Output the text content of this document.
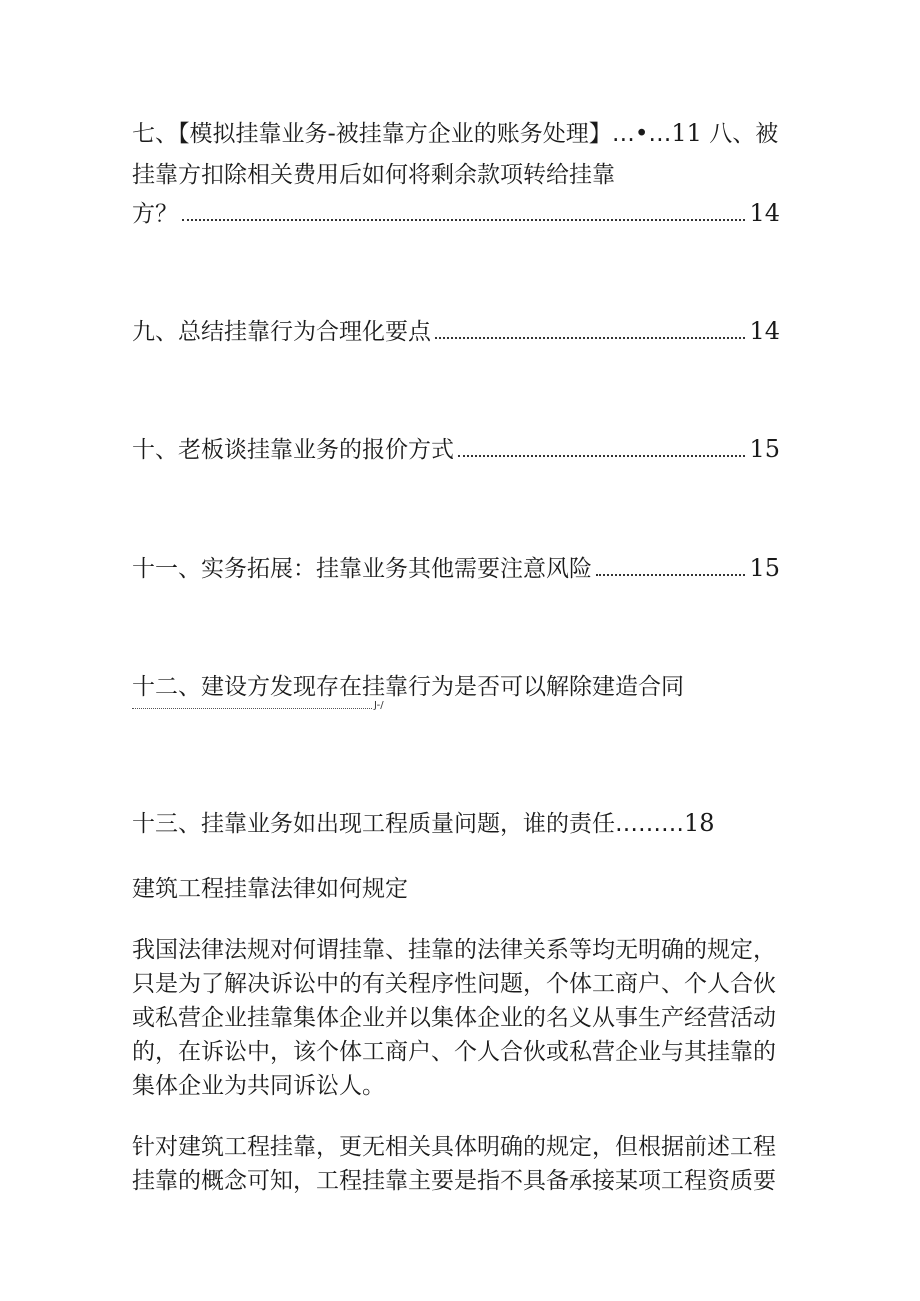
七、【模拟挂靠业务-被挂靠方企业的账务处理】…•…11 八、被
挂靠方扣除相关费用后如何将剩余款项转给挂靠
方？	14
九、总结挂靠行为合理化要点	14
十、老板谈挂靠业务的报价方式	15
十一、实务拓展：挂靠业务其他需要注意风险	15
十二、建设方发现存在挂靠行为是否可以解除建造合同
J-/
十三、挂靠业务如出现工程质量问题，谁的责任………18
建筑工程挂靠法律如何规定
我国法律法规对何谓挂靠、挂靠的法律关系等均无明确的规定，
只是为了解决诉讼中的有关程序性问题，个体工商户、个人合伙
或私营企业挂靠集体企业并以集体企业的名义从事生产经营活动
的，在诉讼中，该个体工商户、个人合伙或私营企业与其挂靠的
集体企业为共同诉讼人。
针对建筑工程挂靠，更无相关具体明确的规定，但根据前述工程
挂靠的概念可知，工程挂靠主要是指不具备承接某项工程资质要
